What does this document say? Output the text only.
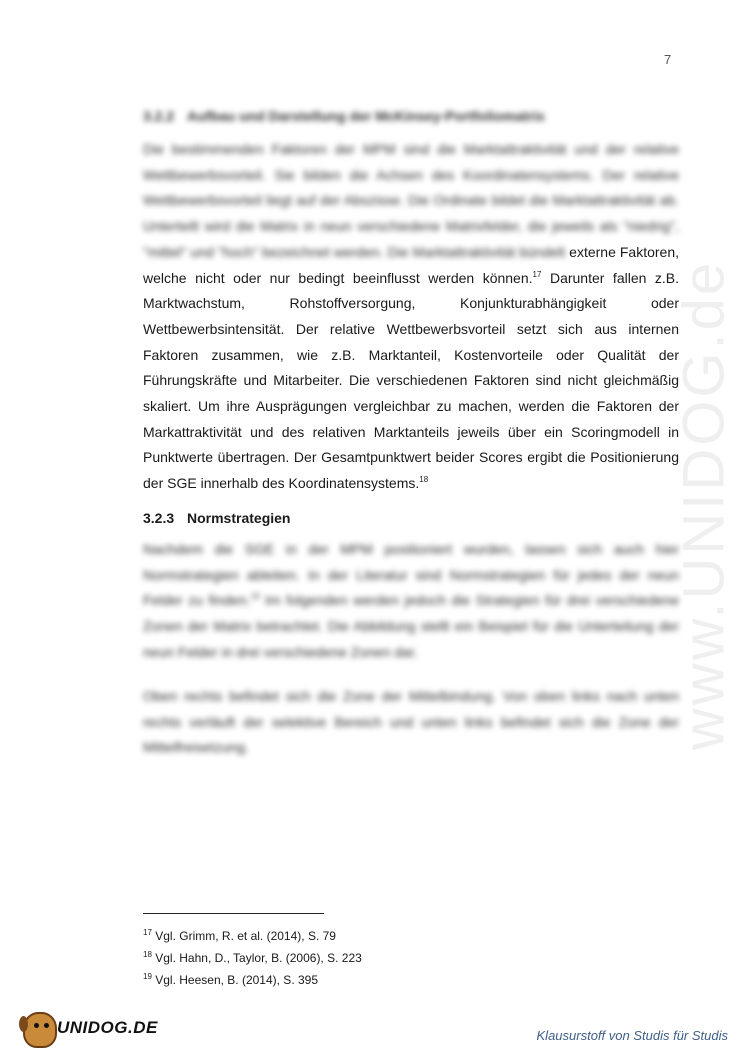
7
www.UNIDOG.de
3.2.2 Aufbau und Darstellung der McKinsey-Portfoliomatrix
Die bestimmenden Faktoren der MPM sind die Marktattraktivität und der relative Wettbewerbsvorteil. Sie bilden die Achsen des Koordinatensystems. Der relative Wettbewerbsvorteil liegt auf der Abszisse. Die Ordinate bildet die Marktattraktivität ab. Unterteilt wird die Matrix in neun verschiedene Matrixfelder, die jeweils als "niedrig", "mittel" und "hoch" bezeichnet werden. Die Marktattraktivität bündelt externe Faktoren, welche nicht oder nur bedingt beeinflusst werden können.$^{17}$ Darunter fallen z.B. Marktwachstum, Rohstoffversorgung, Konjunkturabhängigkeit oder Wettbewerbsintensität. Der relative Wettbewerbsvorteil setzt sich aus internen Faktoren zusammen, wie z.B. Marktanteil, Kostenvorteile oder Qualität der Führungskräfte und Mitarbeiter. Die verschiedenen Faktoren sind nicht gleichmäßig skaliert. Um ihre Ausprägungen vergleichbar zu machen, werden die Faktoren der Markattraktivität und des relativen Marktanteils jeweils über ein Scoringmodell in Punktwerte übertragen. Der Gesamtpunktwert beider Scores ergibt die Positionierung der SGE innerhalb des Koordinatensystems.$^{18}$
3.2.3 Normstrategien
Nachdem die SGE in der MPM positioniert wurden, lassen sich auch hier Normstrategien ableiten. In der Literatur sind Normstrategien für jedes der neun Felder zu finden.$^{19}$ Im folgenden werden jedoch die Strategien für drei verschiedene Zonen der Matrix betrachtet. Die Abbildung stellt ein Beispiel für die Unterteilung der neun Felder in drei verschiedene Zonen dar.
Oben rechts befindet sich die Zone der Mittelbindung. Von oben links nach unten rechts verläuft der selektive Bereich und unten links befindet sich die Zone der Mittelfreisetzung.
$^{17}$ Vgl. Grimm, R. et al. (2014), S. 79
$^{18}$ Vgl. Hahn, D., Taylor, B. (2006), S. 223
$^{19}$ Vgl. Heesen, B. (2014), S. 395
UNIDOG.DE	Klausurstoff von Studis für Studis
